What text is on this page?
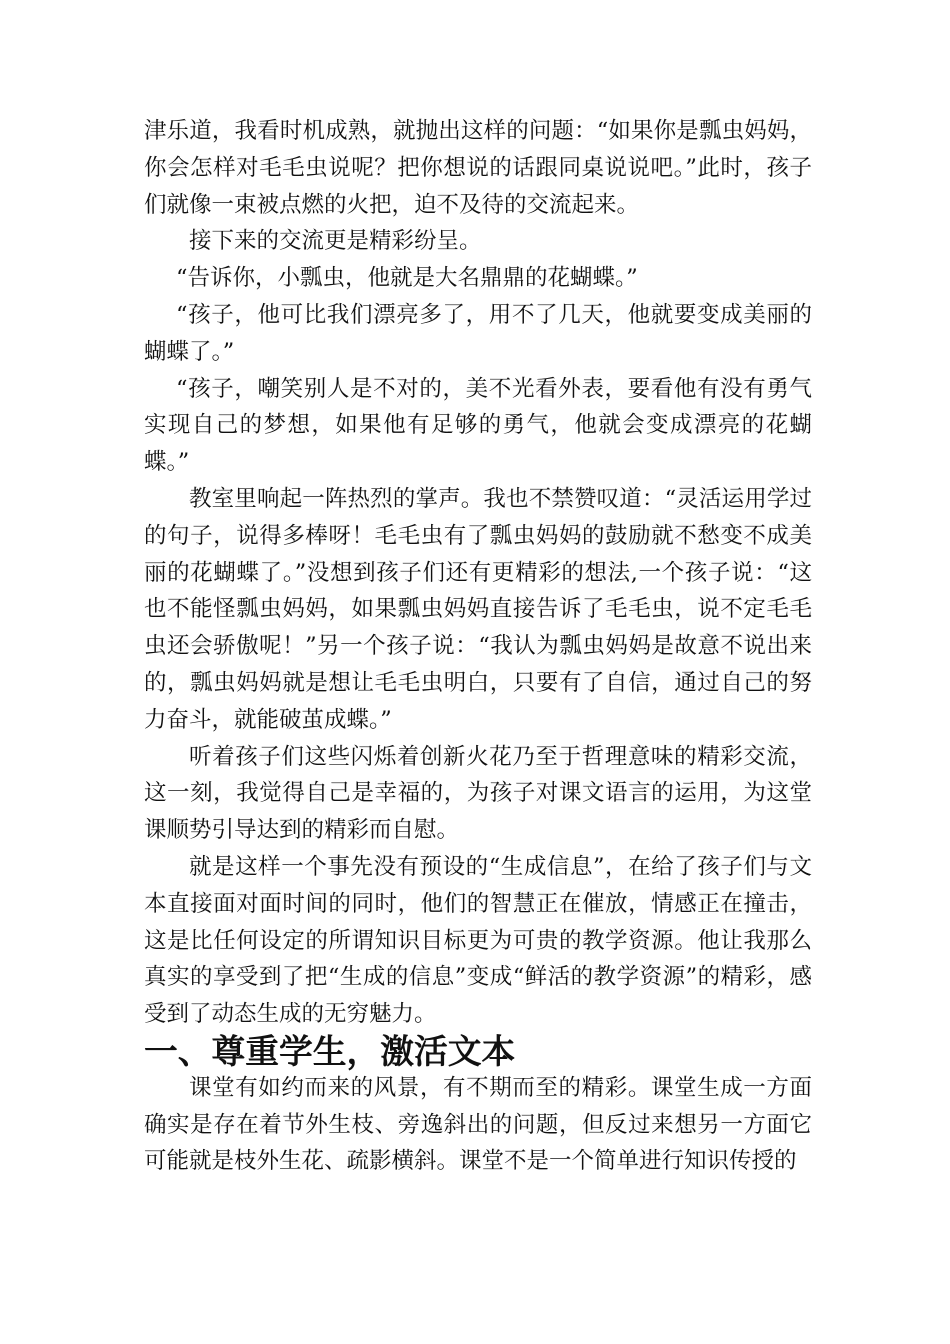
津乐道，我看时机成熟，就抛出这样的问题：“如果你是瓢虫妈妈，你会怎样对毛毛虫说呢？把你想说的话跟同桌说说吧。”此时，孩子们就像一束被点燃的火把，迫不及待的交流起来。

接下来的交流更是精彩纷呈。

“告诉你，小瓢虫，他就是大名鼎鼎的花蝴蝶。”

“孩子，他可比我们漂亮多了，用不了几天，他就要变成美丽的蝴蝶了。”

“孩子，嘲笑别人是不对的，美不光看外表，要看他有没有勇气实现自己的梦想，如果他有足够的勇气，他就会变成漂亮的花蝴蝶。”

教室里响起一阵热烈的掌声。我也不禁赞叹道：“灵活运用学过的句子，说得多棒呀！毛毛虫有了瓢虫妈妈的鼓励就不愁变不成美丽的花蝴蝶了。”没想到孩子们还有更精彩的想法,一个孩子说：“这也不能怪瓢虫妈妈，如果瓢虫妈妈直接告诉了毛毛虫，说不定毛毛虫还会骄傲呢！”另一个孩子说：“我认为瓢虫妈妈是故意不说出来的，瓢虫妈妈就是想让毛毛虫明白，只要有了自信，通过自己的努力奋斗，就能破茧成蝶。”

听着孩子们这些闪烁着创新火花乃至于哲理意味的精彩交流，这一刻，我觉得自己是幸福的，为孩子对课文语言的运用，为这堂课顺势引导达到的精彩而自慰。

就是这样一个事先没有预设的“生成信息”，在给了孩子们与文本直接面对面时间的同时，他们的智慧正在催放，情感正在撞击，这是比任何设定的所谓知识目标更为可贵的教学资源。他让我那么真实的享受到了把“生成的信息”变成“鲜活的教学资源”的精彩，感受到了动态生成的无穷魅力。

一、尊重学生，激活文本

课堂有如约而来的风景，有不期而至的精彩。课堂生成一方面确实是存在着节外生枝、旁逸斜出的问题，但反过来想另一方面它可能就是枝外生花、疏影横斜。课堂不是一个简单进行知识传授的
